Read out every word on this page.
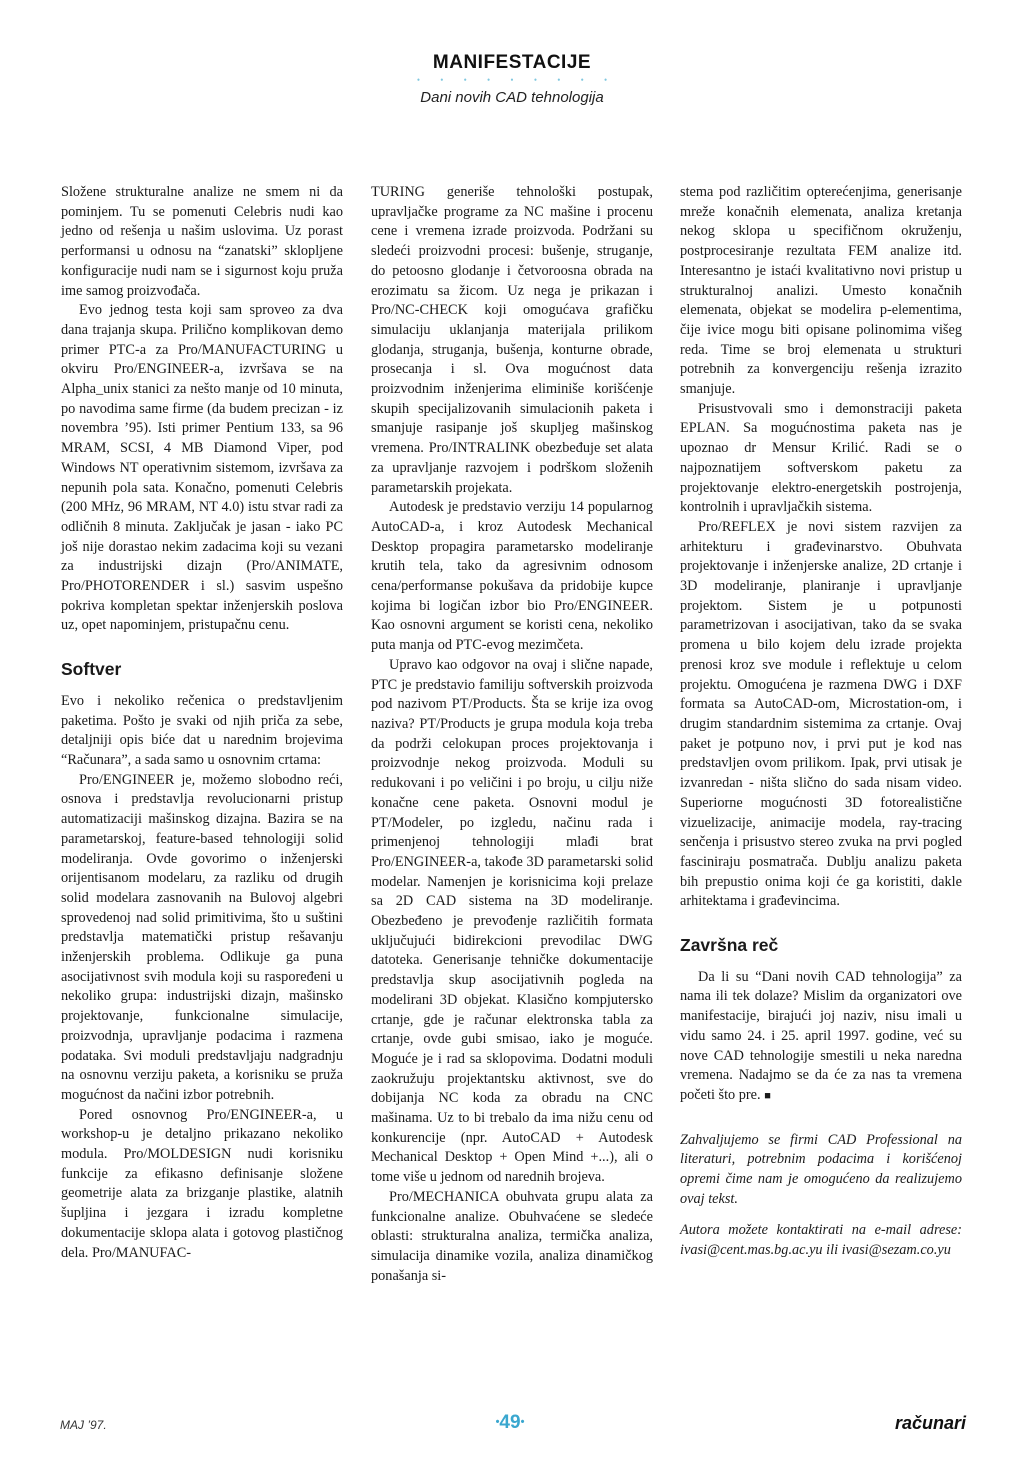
MANIFESTACIJE
• • • • • • • • •
Dani novih CAD tehnologija

Složene strukturalne analize ne smem ni da pominjem. Tu se pomenuti Celebris nudi kao jedno od rešenja u našim uslovima. Uz porast performansi u odnosu na “zanatski” sklopljene konfiguracije nudi nam se i sigurnost koju pruža ime samog proizvođača.

Evo jednog testa koji sam sproveo za dva dana trajanja skupa. Prilično komplikovan demo primer PTC-a za Pro/MANUFACTURING u okviru Pro/ENGINEER-a, izvršava se na Alpha_unix stanici za nešto manje od 10 minuta, po navodima same firme (da budem precizan - iz novembra ’95). Isti primer Pentium 133, sa 96 MRAM, SCSI, 4 MB Diamond Viper, pod Windows NT operativnim sistemom, izvršava za nepunih pola sata. Konačno, pomenuti Celebris (200 MHz, 96 MRAM, NT 4.0) istu stvar radi za odličnih 8 minuta. Zaključak je jasan - iako PC još nije dorastao nekim zadacima koji su vezani za industrijski dizajn (Pro/ANIMATE, Pro/PHOTORENDER i sl.) sasvim uspešno pokriva kompletan spektar inženjerskih poslova uz, opet napominjem, pristupačnu cenu.

Softver

Evo i nekoliko rečenica o predstavljenim paketima. Pošto je svaki od njih priča za sebe, detaljniji opis biće dat u narednim brojevima “Računara”, a sada samo u osnovnim crtama:

Pro/ENGINEER je, možemo slobodno reći, osnova i predstavlja revolucionarni pristup automatizaciji mašinskog dizajna. Bazira se na parametarskoj, feature-based tehnologiji solid modeliranja. Ovde govorimo o inženjerski orijentisanom modelaru, za razliku od drugih solid modelara zasnovanih na Bulovoj algebri sprovedenoj nad solid primitivima, što u suštini predstavlja matematički pristup rešavanju inženjerskih problema. Odlikuje ga puna asocijativnost svih modula koji su raspoređeni u nekoliko grupa: industrijski dizajn, mašinsko projektovanje, funkcionalne simulacije, proizvodnja, upravljanje podacima i razmena podataka. Svi moduli predstavljaju nadgradnju na osnovnu verziju paketa, a korisniku se pruža mogućnost da načini izbor potrebnih.

Pored osnovnog Pro/ENGINEER-a, u workshop-u je detaljno prikazano nekoliko modula. Pro/MOLDESIGN nudi korisniku funkcije za efikasno definisanje složene geometrije alata za brizganje plastike, alatnih šupljina i jezgara i izradu kompletne dokumentacije sklopa alata i gotovog plastičnog dela. Pro/MANUFAC-

TURING generiše tehnološki postupak, upravljačke programe za NC mašine i procenu cene i vremena izrade proizvoda. Podržani su sledeći proizvodni procesi: bušenje, struganje, do petoosno glodanje i četvoroosna obrada na erozimatu sa žicom. Uz nega je prikazan i Pro/NC-CHECK koji omogućava grafičku simulaciju uklanjanja materijala prilikom glodanja, struganja, bušenja, konturne obrade, prosecanja i sl. Ova mogućnost data proizvodnim inženjerima eliminiše korišćenje skupih specijalizovanih simulacionih paketa i smanjuje rasipanje još skupljeg mašinskog vremena. Pro/INTRALINK obezbeđuje set alata za upravljanje razvojem i podrškom složenih parametarskih projekata.

Autodesk je predstavio verziju 14 popularnog AutoCAD-a, i kroz Autodesk Mechanical Desktop propagira parametarsko modeliranje krutih tela, tako da agresivnim odnosom cena/performanse pokušava da pridobije kupce kojima bi logičan izbor bio Pro/ENGINEER. Kao osnovni argument se koristi cena, nekoliko puta manja od PTC-evog mezimčeta.

Upravo kao odgovor na ovaj i slične napade, PTC je predstavio familiju softverskih proizvoda pod nazivom PT/Products. Šta se krije iza ovog naziva? PT/Products je grupa modula koja treba da podrži celokupan proces projektovanja i proizvodnje nekog proizvoda. Moduli su redukovani i po veličini i po broju, u cilju niže konačne cene paketa. Osnovni modul je PT/Modeler, po izgledu, načinu rada i primenjenoj tehnologiji mlađi brat Pro/ENGINEER-a, takođe 3D parametarski solid modelar. Namenjen je korisnicima koji prelaze sa 2D CAD sistema na 3D modeliranje. Obezbeđeno je prevođenje različitih formata uključujući bidirekcioni prevodilac DWG datoteka. Generisanje tehničke dokumentacije predstavlja skup asocijativnih pogleda na modelirani 3D objekat. Klasično kompjutersko crtanje, gde je računar elektronska tabla za crtanje, ovde gubi smisao, iako je moguće. Moguće je i rad sa sklopovima. Dodatni moduli zaokružuju projektantsku aktivnost, sve do dobijanja NC koda za obradu na CNC mašinama. Uz to bi trebalo da ima nižu cenu od konkurencije (npr. AutoCAD + Autodesk Mechanical Desktop + Open Mind +...), ali o tome više u jednom od narednih brojeva.

Pro/MECHANICA obuhvata grupu alata za funkcionalne analize. Obuhvaćene se sledeće oblasti: strukturalna analiza, termička analiza, simulacija dinamike vozila, analiza dinamičkog ponašanja si-

stema pod različitim opterećenjima, generisanje mreže konačnih elemenata, analiza kretanja nekog sklopa u specifičnom okruženju, postprocesiranje rezultata FEM analize itd. Interesantno je istaći kvalitativno novi pristup u strukturalnoj analizi. Umesto konačnih elemenata, objekat se modelira p-elementima, čije ivice mogu biti opisane polinomima višeg reda. Time se broj elemenata u strukturi potrebnih za konvergenciju rešenja izrazito smanjuje.

Prisustvovali smo i demonstraciji paketa EPLAN. Sa mogućnostima paketa nas je upoznao dr Mensur Krilić. Radi se o najpoznatijem softverskom paketu za projektovanje elektro-energetskih postrojenja, kontrolnih i upravljačkih sistema.

Pro/REFLEX je novi sistem razvijen za arhitekturu i građevinarstvo. Obuhvata projektovanje i inženjerske analize, 2D crtanje i 3D modeliranje, planiranje i upravljanje projektom. Sistem je u potpunosti parametrizovan i asocijativan, tako da se svaka promena u bilo kojem delu izrade projekta prenosi kroz sve module i reflektuje u celom projektu. Omogućena je razmena DWG i DXF formata sa AutoCAD-om, Microstation-om, i drugim standardnim sistemima za crtanje. Ovaj paket je potpuno nov, i prvi put je kod nas predstavljen ovom prilikom. Ipak, prvi utisak je izvanredan - ništa slično do sada nisam video. Superiorne mogućnosti 3D fotorealistične vizuelizacije, animacije modela, ray-tracing senčenja i prisustvo stereo zvuka na prvi pogled fasciniraju posmatrača. Dublju analizu paketa bih prepustio onima koji će ga koristiti, dakle arhitektama i građevincima.

Završna reč

Da li su “Dani novih CAD tehnologija” za nama ili tek dolaze? Mislim da organizatori ove manifestacije, birajući joj naziv, nisu imali u vidu samo 24. i 25. april 1997. godine, već su nove CAD tehnologije smestili u neka naredna vremena. Nadajmo se da će za nas ta vremena početi što pre. ■

Zahvaljujemo se firmi CAD Professional na literaturi, potrebnim podacima i korišćenoj opremi čime nam je omogućeno da realizujemo ovaj tekst.

Autora možete kontaktirati na e-mail adrese: ivasi@cent.mas.bg.ac.yu ili ivasi@sezam.co.yu

MAJ ’97.	•49•	računari
